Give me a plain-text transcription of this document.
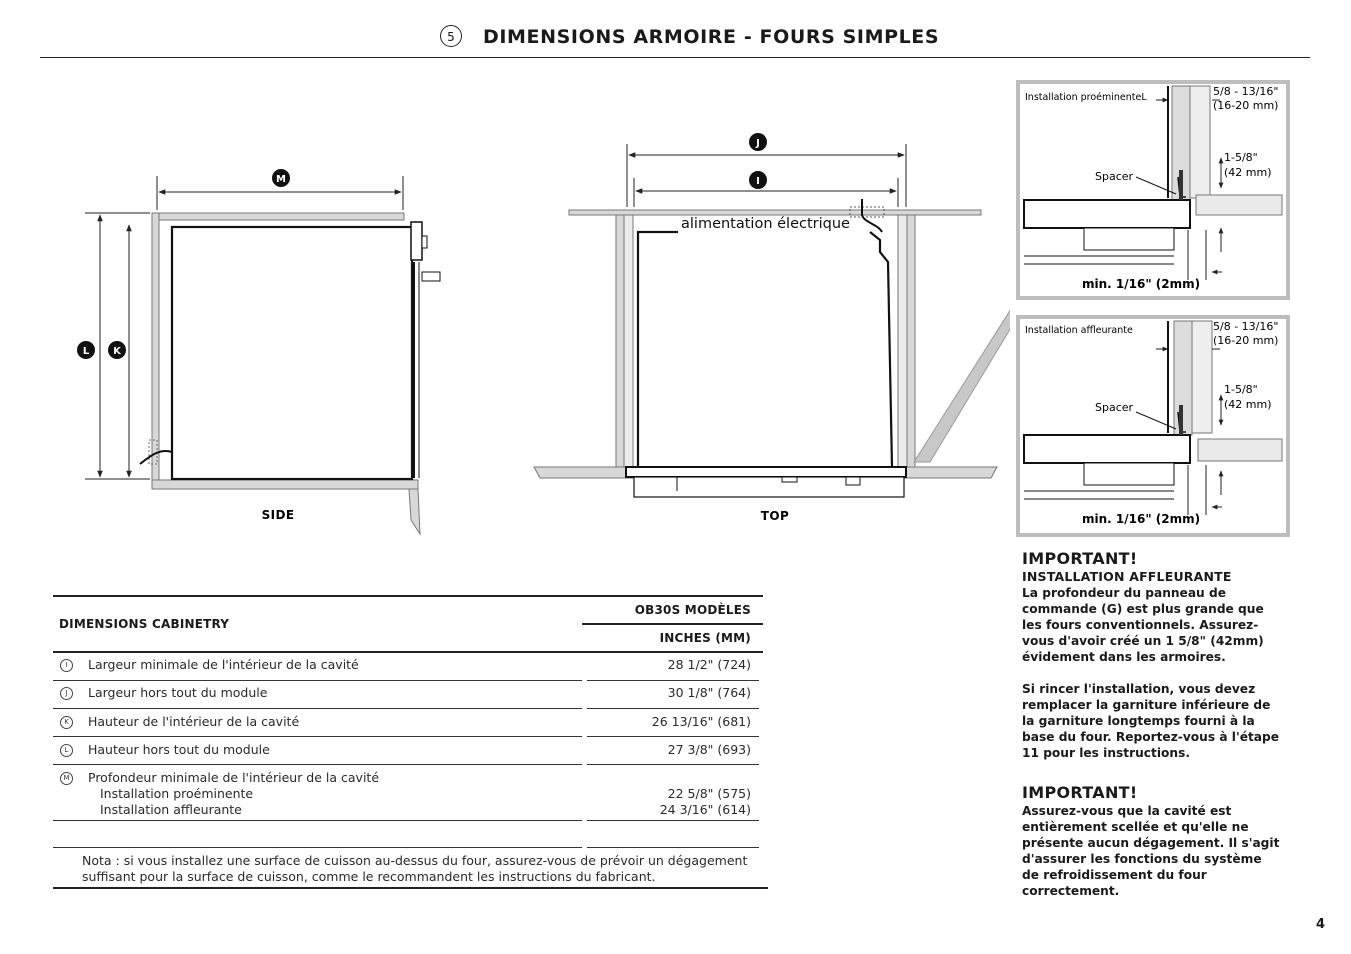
5	DIMENSIONS ARMOIRE - FOURS SIMPLES
M
L K
SIDE
alimentation électrique
J
I
TOP
Installation proéminenteL	5/8 - 13/16"
(16-20 mm)
1-5/8"
(42 mm)
Spacer
min. 1/16" (2mm)
Installation affleurante	5/8 - 13/16"
(16-20 mm)
1-5/8"
(42 mm)
Spacer
min. 1/16" (2mm)
DIMENSIONS CABINETRY
OB30S MODÈLES
INCHES (MM)
I	Largeur minimale de l'intérieur de la cavité	28 1/2" (724)
J	Largeur hors tout du module	30 1/8" (764)
K	Hauteur de l'intérieur de la cavité	26 13/16" (681)
L	Hauteur hors tout du module	27 3/8" (693)
M Profondeur minimale de l'intérieur de la cavité
Installation proéminente	22 5/8" (575)
Installation affleurante	24 3/16" (614)
Nota : si vous installez une surface de cuisson au-dessus du four, assurez-vous de prévoir un dégagement suffisant pour la surface de cuisson, comme le recommandent les instructions du fabricant.
IMPORTANT!
INSTALLATION AFFLEURANTE
La profondeur du panneau de commande (G) est plus grande que les fours conventionnels. Assurez-vous d'avoir créé un 1 5/8" (42mm) évidement dans les armoires.
Si rincer l'installation, vous devez remplacer la garniture inférieure de la garniture longtemps fourni à la base du four. Reportez-vous à l'étape 11 pour les instructions.
IMPORTANT!
Assurez-vous que la cavité est entièrement scellée et qu'elle ne présente aucun dégagement. Il s'agit d'assurer les fonctions du système de refroidissement du four correctement.
4
